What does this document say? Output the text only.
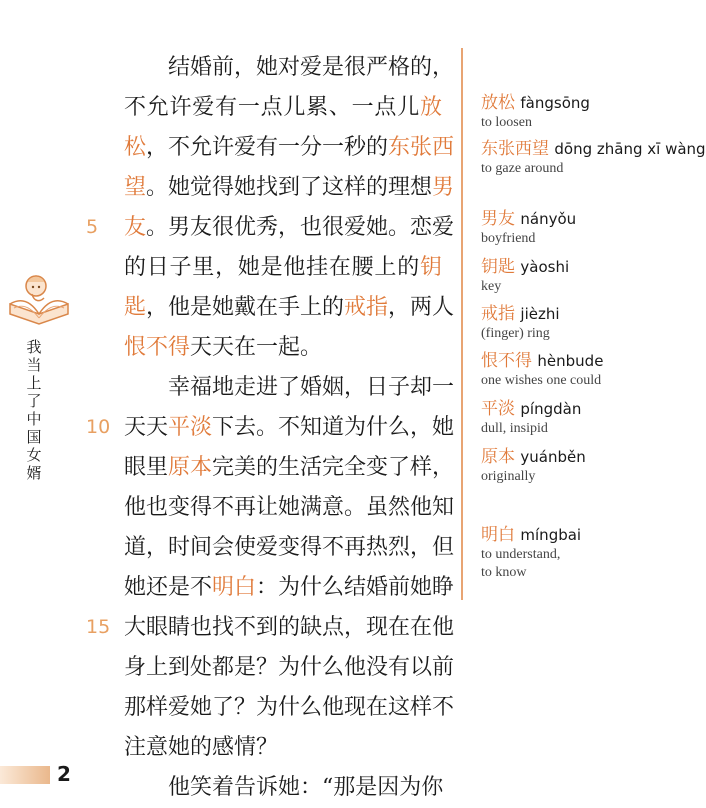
结婚前，她对爱是很严格的，
不允许爱有一点儿累、一点儿放
松，不允许爱有一分一秒的东张西
望。她觉得她找到了这样的理想男
友。男友很优秀，也很爱她。恋爱
的日子里，她是他挂在腰上的钥
匙，他是她戴在手上的戒指，两人
恨不得天天在一起。
幸福地走进了婚姻，日子却一
天天平淡下去。不知道为什么，她
眼里原本完美的生活完全变了样，
他也变得不再让她满意。虽然他知
道，时间会使爱变得不再热烈，但
她还是不明白：为什么结婚前她睁
大眼睛也找不到的缺点，现在在他
身上到处都是？为什么他没有以前
那样爱她了？为什么他现在这样不
注意她的感情？
他笑着告诉她：“那是因为你
5
10
15
放松 fàngsōng
to loosen
东张西望 dōng zhāng xī wàng
to gaze around
男友 nányǒu
boyfriend
钥匙 yàoshi
key
戒指 jièzhi
(finger) ring
恨不得 hènbude
one wishes one could
平淡 píngdàn
dull, insipid
原本 yuánběn
originally
明白 míngbai
to understand,
to know
我
当
上
了
中
国
女
婿
2
